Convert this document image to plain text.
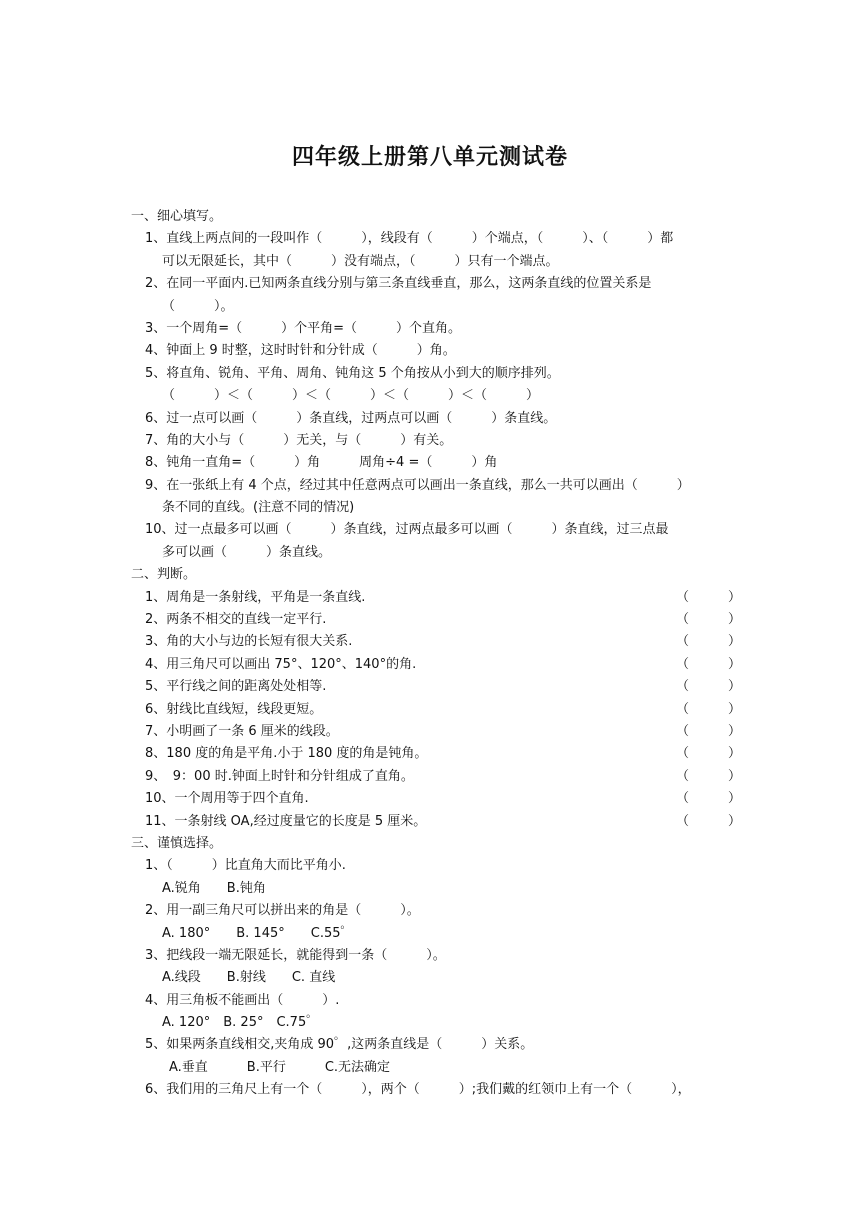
四年级上册第八单元测试卷
一、细心填写。
1、直线上两点间的一段叫作（　　　），线段有（　　　）个端点，（　　　）、（　　　）都
可以无限延长，其中（　　　）没有端点，（　　　）只有一个端点。
2、在同一平面内.已知两条直线分别与第三条直线垂直，那么，这两条直线的位置关系是
（　　　）。
3、一个周角=（　　　）个平角=（　　　）个直角。
4、钟面上 9 时整，这时时针和分针成（　　　）角。
5、将直角、锐角、平角、周角、钝角这 5 个角按从小到大的顺序排列。
（　　　）＜（　　　）＜（　　　）＜（　　　）＜（　　　）
6、过一点可以画（　　　）条直线，过两点可以画（　　　）条直线。
7、角的大小与（　　　）无关，与（　　　）有关。
8、钝角一直角=（　　　）角　　　周角÷4 =（　　　）角
9、在一张纸上有 4 个点，经过其中任意两点可以画出一条直线，那么一共可以画出（　　　）
条不同的直线。(注意不同的情况)
10、过一点最多可以画（　　　）条直线，过两点最多可以画（　　　）条直线，过三点最
多可以画（　　　）条直线。
二、判断。
1、周角是一条射线，平角是一条直线.	（　　　）
2、两条不相交的直线一定平行.	（　　　）
3、角的大小与边的长短有很大关系.	（　　　）
4、用三角尺可以画出 75°、120°、140°的角.	（　　　）
5、平行线之间的距离处处相等.	（　　　）
6、射线比直线短，线段更短。	（　　　）
7、小明画了一条 6 厘米的线段。	（　　　）
8、180 度的角是平角.小于 180 度的角是钝角。	（　　　）
9、　9：00 时.钟面上时针和分针组成了直角。	（　　　）
10、一个周用等于四个直角.	（　　　）
11、一条射线 OA,经过度量它的长度是 5 厘米。	（　　　）
三、谨慎选择。
1、（　　　）比直角大而比平角小.
A.锐角　　B.钝角
2、用一副三角尺可以拼出来的角是（　　　）。
A. 180°　　B. 145°　　C.55゜
3、把线段一端无限延长，就能得到一条（　　　）。
A.线段　　B.射线　　C. 直线
4、用三角板不能画出（　　　）.
A. 120°　B. 25°　C.75゜
5、如果两条直线相交,夹角成 90゜,这两条直线是（　　　）关系。
A.垂直　　　B.平行　　　C.无法确定
6、我们用的三角尺上有一个（　　　），两个（　　　）;我们戴的红领巾上有一个（　　　），
